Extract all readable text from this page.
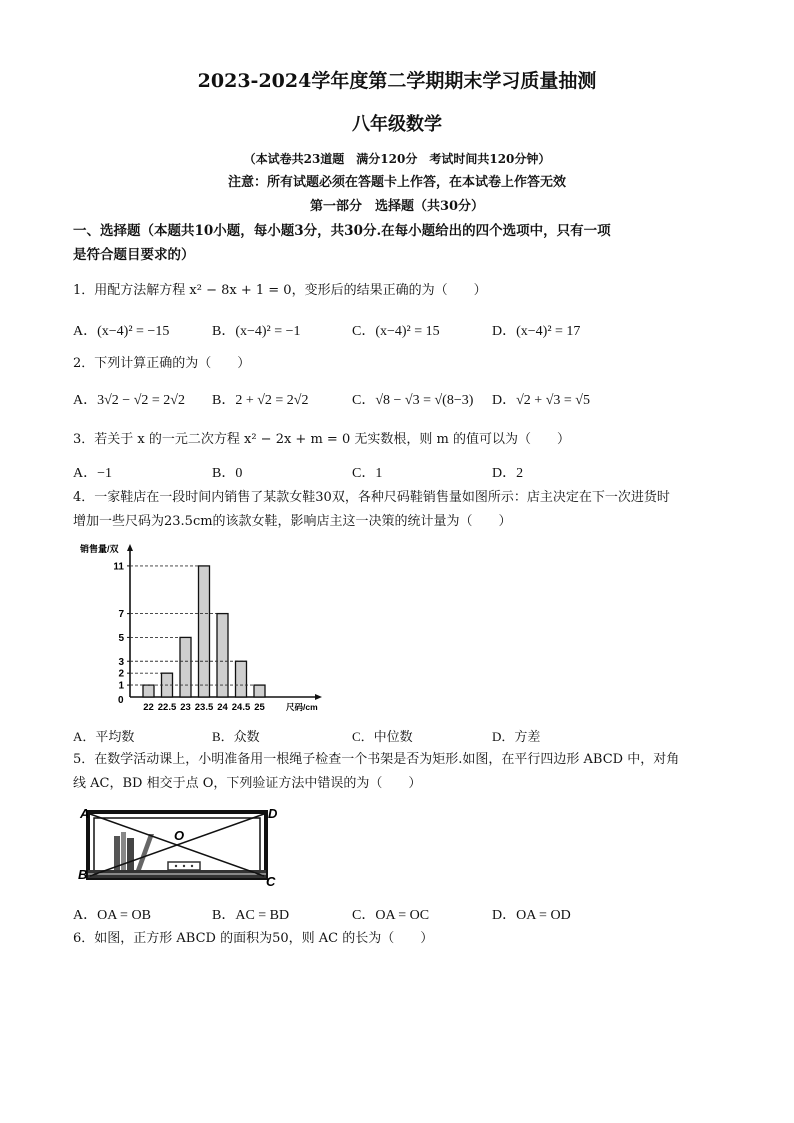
2023-2024学年度第二学期期末学习质量抽测
八年级数学
（本试卷共23道题　满分120分　考试时间共120分钟）
注意：所有试题必须在答题卡上作答，在本试卷上作答无效
第一部分　选择题（共30分）
一、选择题（本题共10小题，每小题3分，共30分.在每小题给出的四个选项中，只有一项
是符合题目要求的）
1．用配方法解方程 x² − 8x + 1 = 0，变形后的结果正确的为（　　）
A．(x−4)² = −15	B．(x−4)² = −1	C．(x−4)² = 15	D．(x−4)² = 17
2．下列计算正确的为（　　）
A．3√2 − √2 = 2√2 B．2 + √2 = 2√2	C．√8 − √3 = √(8−3) D．√2 + √3 = √5
3．若关于 x 的一元二次方程 x² − 2x + m = 0 无实数根，则 m 的值可以为（　　）
A．−1	B．0	C．1	D．2
4．一家鞋店在一段时间内销售了某款女鞋30双，各种尺码鞋销售量如图所示：店主决定在下一次进货时
增加一些尺码为23.5cm的该款女鞋，影响店主这一决策的统计量为（　　）
销售量/双
尺码/cm
0
22 22.5 23 23.5 24 24.5 25
1
2
3
5
7
11
A．平均数	B．众数	C．中位数	D．方差
5．在数学活动课上，小明准备用一根绳子检查一个书架是否为矩形.如图，在平行四边形 ABCD 中，对角
线 AC，BD 相交于点 O，下列验证方法中错误的为（　　）
A	D
B	C
O
A．OA = OB	B．AC = BD	C．OA = OC	D．OA = OD
6．如图，正方形 ABCD 的面积为50，则 AC 的长为（　　）
